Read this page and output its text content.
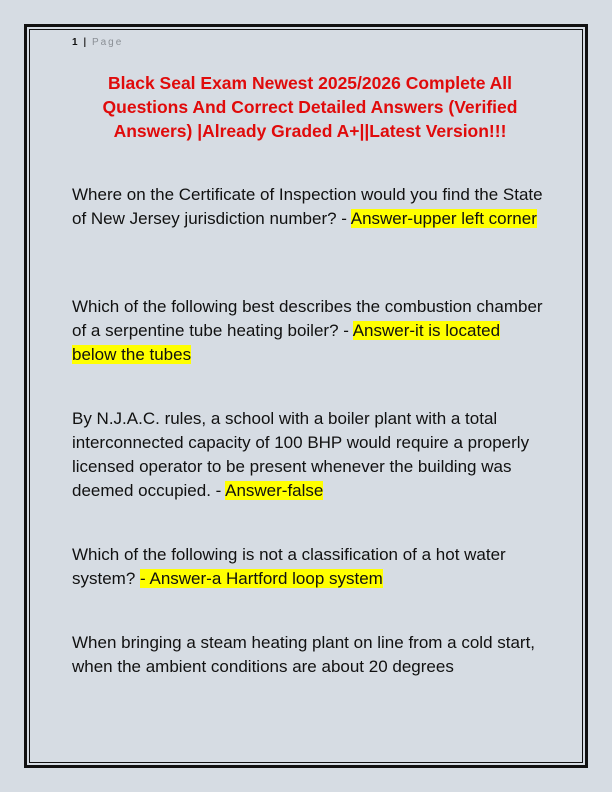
1 | Page
Black Seal Exam Newest 2025/2026 Complete All Questions And Correct Detailed Answers (Verified Answers) |Already Graded A+||Latest Version!!!
Where on the Certificate of Inspection would you find the State of New Jersey jurisdiction number? - Answer-upper left corner
Which of the following best describes the combustion chamber of a serpentine tube heating boiler? - Answer-it is located below the tubes
By N.J.A.C. rules, a school with a boiler plant with a total interconnected capacity of 100 BHP would require a properly licensed operator to be present whenever the building was deemed occupied. - Answer-false
Which of the following is not a classification of a hot water system? - Answer-a Hartford loop system
When bringing a steam heating plant on line from a cold start, when the ambient conditions are about 20 degrees
